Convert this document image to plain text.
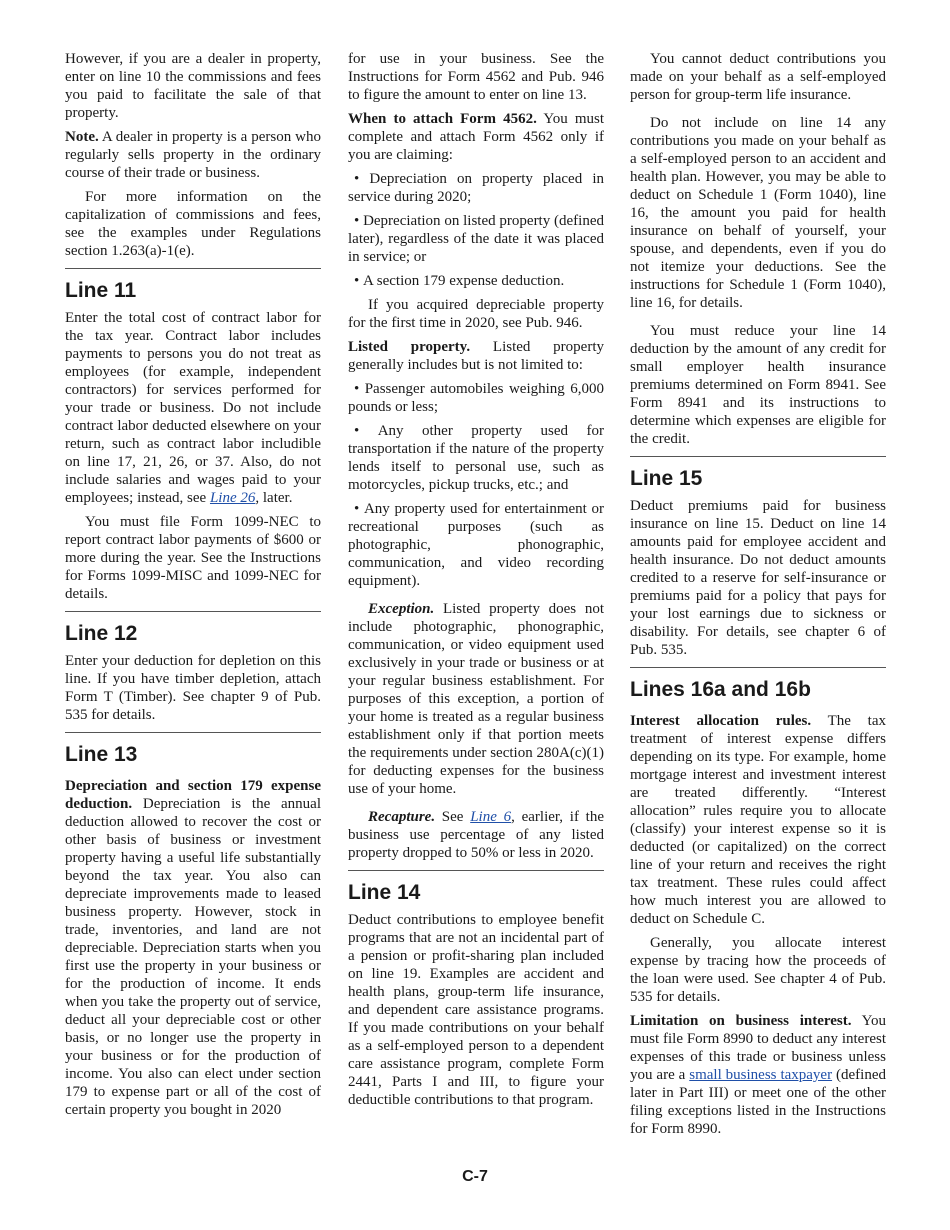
However, if you are a dealer in property, enter on line 10 the commissions and fees you paid to facilitate the sale of that property.

Note. A dealer in property is a person who regularly sells property in the ordinary course of their trade or business.

For more information on the capitalization of commissions and fees, see the examples under Regulations section 1.263(a)-1(e).

Line 11

Enter the total cost of contract labor for the tax year. Contract labor includes payments to persons you do not treat as employees (for example, independent contractors) for services performed for your trade or business. Do not include contract labor deducted elsewhere on your return, such as contract labor includible on line 17, 21, 26, or 37. Also, do not include salaries and wages paid to your employees; instead, see Line 26, later.

You must file Form 1099-NEC to report contract labor payments of $600 or more during the year. See the Instructions for Forms 1099-MISC and 1099-NEC for details.

Line 12

Enter your deduction for depletion on this line. If you have timber depletion, attach Form T (Timber). See chapter 9 of Pub. 535 for details.

Line 13

Depreciation and section 179 expense deduction. Depreciation is the annual deduction allowed to recover the cost or other basis of business or investment property having a useful life substantially beyond the tax year. You also can depreciate improvements made to leased business property. However, stock in trade, inventories, and land are not depreciable. Depreciation starts when you first use the property in your business or for the production of income. It ends when you take the property out of service, deduct all your depreciable cost or other basis, or no longer use the property in your business or for the production of income. You also can elect under section 179 to expense part or all of the cost of certain property you bought in 2020

for use in your business. See the Instructions for Form 4562 and Pub. 946 to figure the amount to enter on line 13.

When to attach Form 4562. You must complete and attach Form 4562 only if you are claiming:

• Depreciation on property placed in service during 2020;

• Depreciation on listed property (defined later), regardless of the date it was placed in service; or

• A section 179 expense deduction.

If you acquired depreciable property for the first time in 2020, see Pub. 946.

Listed property. Listed property generally includes but is not limited to:

• Passenger automobiles weighing 6,000 pounds or less;

• Any other property used for transportation if the nature of the property lends itself to personal use, such as motorcycles, pickup trucks, etc.; and

• Any property used for entertainment or recreational purposes (such as photographic, phonographic, communication, and video recording equipment).

Exception. Listed property does not include photographic, phonographic, communication, or video equipment used exclusively in your trade or business or at your regular business establishment. For purposes of this exception, a portion of your home is treated as a regular business establishment only if that portion meets the requirements under section 280A(c)(1) for deducting expenses for the business use of your home.

Recapture. See Line 6, earlier, if the business use percentage of any listed property dropped to 50% or less in 2020.

Line 14

Deduct contributions to employee benefit programs that are not an incidental part of a pension or profit-sharing plan included on line 19. Examples are accident and health plans, group-term life insurance, and dependent care assistance programs. If you made contributions on your behalf as a self-employed person to a dependent care assistance program, complete Form 2441, Parts I and III, to figure your deductible contributions to that program.

You cannot deduct contributions you made on your behalf as a self-employed person for group-term life insurance.

Do not include on line 14 any contributions you made on your behalf as a self-employed person to an accident and health plan. However, you may be able to deduct on Schedule 1 (Form 1040), line 16, the amount you paid for health insurance on behalf of yourself, your spouse, and dependents, even if you do not itemize your deductions. See the instructions for Schedule 1 (Form 1040), line 16, for details.

You must reduce your line 14 deduction by the amount of any credit for small employer health insurance premiums determined on Form 8941. See Form 8941 and its instructions to determine which expenses are eligible for the credit.

Line 15

Deduct premiums paid for business insurance on line 15. Deduct on line 14 amounts paid for employee accident and health insurance. Do not deduct amounts credited to a reserve for self-insurance or premiums paid for a policy that pays for your lost earnings due to sickness or disability. For details, see chapter 6 of Pub. 535.

Lines 16a and 16b

Interest allocation rules. The tax treatment of interest expense differs depending on its type. For example, home mortgage interest and investment interest are treated differently. “Interest allocation” rules require you to allocate (classify) your interest expense so it is deducted (or capitalized) on the correct line of your return and receives the right tax treatment. These rules could affect how much interest you are allowed to deduct on Schedule C.

Generally, you allocate interest expense by tracing how the proceeds of the loan were used. See chapter 4 of Pub. 535 for details.

Limitation on business interest. You must file Form 8990 to deduct any interest expenses of this trade or business unless you are a small business taxpayer (defined later in Part III) or meet one of the other filing exceptions listed in the Instructions for Form 8990.

C-7
